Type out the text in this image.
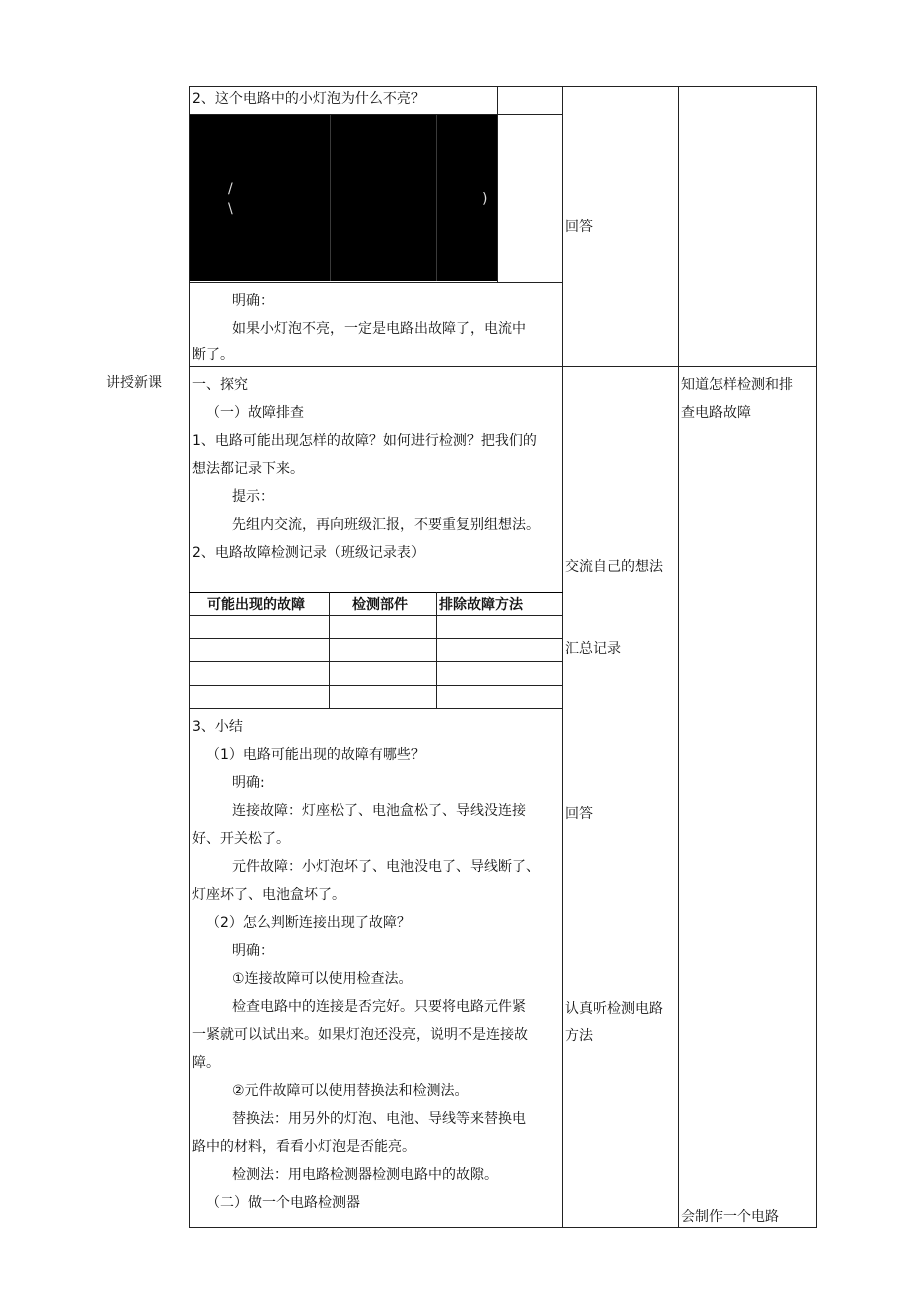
2、这个电路中的小灯泡为什么不亮？
/
\
)
明确：
如果小灯泡不亮，一定是电路出故障了，电流中
断了。
回答
讲授新课 一、探究
（一）故障排查
1、电路可能出现怎样的故障？如何进行检测？把我们的
想法都记录下来。
提示：
先组内交流，再向班级汇报，不要重复别组想法。
2、电路故障检测记录（班级记录表）
可能出现的故障	检测部件 排除故障方法
3、小结
（1）电路可能出现的故障有哪些？
明确:
连接故障：灯座松了、电池盒松了、导线没连接
好、开关松了。
元件故障：小灯泡坏了、电池没电了、导线断了、
灯座坏了、电池盒坏了。
（2）怎么判断连接出现了故障？
明确：
①连接故障可以使用检查法。
检查电路中的连接是否完好。只要将电路元件紧
一紧就可以试出来。如果灯泡还没亮，说明不是连接故
障。
②元件故障可以使用替换法和检测法。
替换法：用另外的灯泡、电池、导线等来替换电
路中的材料，看看小灯泡是否能亮。
检测法：用电路检测器检测电路中的故隙。
（二）做一个电路检测器
交流自己的想法
汇总记录
回答
认真听检测电路
方法
知道怎样检测和排
查电路故障
会制作一个电路
